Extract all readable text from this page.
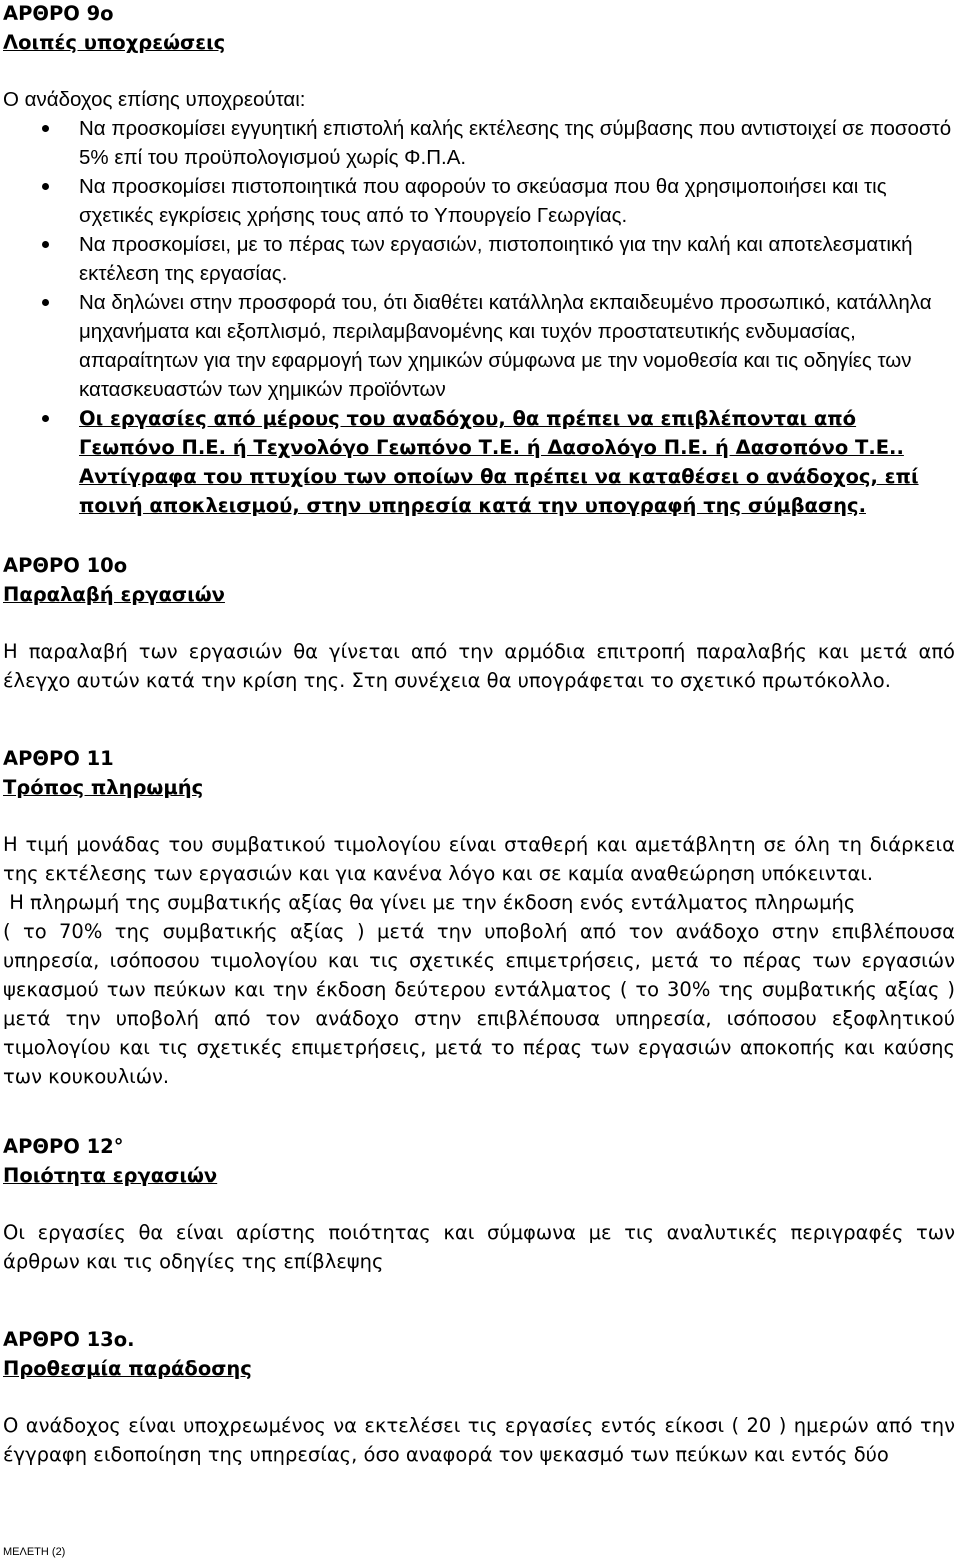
ΑΡΘΡΟ 9ο

Λοιπές υποχρεώσεις

Ο ανάδοχος επίσης υποχρεούται:

Να προσκομίσει εγγυητική επιστολή καλής εκτέλεσης της σύμβασης που αντιστοιχεί σε ποσοστό 5% επί του προϋπολογισμού χωρίς Φ.Π.Α.
Να προσκομίσει πιστοποιητικά που αφορούν το σκεύασμα που θα χρησιμοποιήσει και τις σχετικές εγκρίσεις χρήσης τους από το Υπουργείο Γεωργίας.
Να προσκομίσει, με το πέρας των εργασιών, πιστοποιητικό για την καλή και αποτελεσματική εκτέλεση της εργασίας.
Να δηλώνει στην προσφορά του, ότι διαθέτει κατάλληλα εκπαιδευμένο προσωπικό, κατάλληλα μηχανήματα και εξοπλισμό, περιλαμβανομένης και τυχόν προστατευτικής ενδυμασίας, απαραίτητων για την εφαρμογή των χημικών σύμφωνα με την νομοθεσία και τις οδηγίες των κατασκευαστών των χημικών προϊόντων
Οι εργασίες από μέρους του αναδόχου, θα πρέπει να επιβλέπονται από Γεωπόνο Π.Ε. ή Τεχνολόγο Γεωπόνο Τ.Ε. ή Δασολόγο Π.Ε. ή Δασοπόνο Τ.Ε.. Αντίγραφα του πτυχίου των οποίων θα πρέπει να καταθέσει ο ανάδοχος, επί ποινή αποκλεισμού, στην υπηρεσία κατά την υπογραφή της σύμβασης.

ΑΡΘΡΟ 10ο

Παραλαβή εργασιών

Η παραλαβή των εργασιών θα γίνεται από την αρμόδια επιτροπή παραλαβής και μετά από έλεγχο αυτών κατά την κρίση της. Στη συνέχεια θα υπογράφεται το σχετικό πρωτόκολλο.

ΑΡΘΡΟ 11

Τρόπος πληρωμής

Η τιμή μονάδας του συμβατικού τιμολογίου είναι σταθερή και αμετάβλητη σε όλη τη διάρκεια της εκτέλεσης των εργασιών και για κανένα λόγο και σε καμία αναθεώρηση υπόκεινται.

Η πληρωμή της συμβατικής αξίας θα γίνει με την έκδοση ενός εντάλματος πληρωμής

( το 70% της συμβατικής αξίας ) μετά την υποβολή από τον ανάδοχο στην επιβλέπουσα υπηρεσία, ισόποσου τιμολογίου και τις σχετικές επιμετρήσεις, μετά το πέρας των εργασιών ψεκασμού των πεύκων και την έκδοση δεύτερου εντάλματος ( το 30% της συμβατικής αξίας ) μετά την υποβολή από τον ανάδοχο στην επιβλέπουσα υπηρεσία, ισόποσου εξοφλητικού τιμολογίου και τις σχετικές επιμετρήσεις, μετά το πέρας των εργασιών αποκοπής και καύσης των κουκουλιών.

ΑΡΘΡΟ 12°

Ποιότητα εργασιών

Οι εργασίες θα είναι αρίστης ποιότητας και σύμφωνα με τις αναλυτικές περιγραφές των άρθρων και τις οδηγίες της επίβλεψης

ΑΡΘΡΟ 13ο.

Προθεσμία παράδοσης

Ο ανάδοχος είναι υποχρεωμένος να εκτελέσει τις εργασίες εντός είκοσι ( 20 ) ημερών από την έγγραφη ειδοποίηση της υπηρεσίας, όσο αναφορά τον ψεκασμό των πεύκων και εντός δύο

ΜΕΛΕΤΗ (2)
